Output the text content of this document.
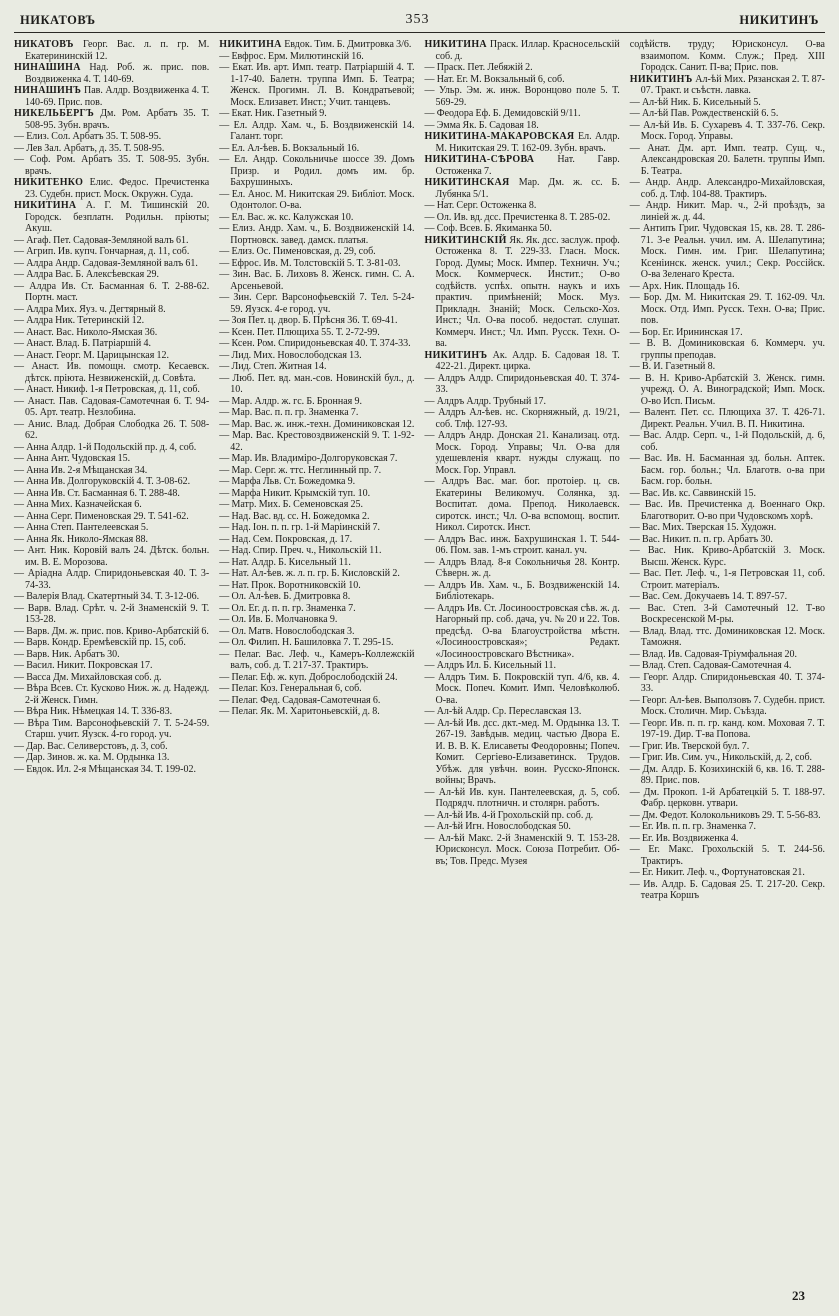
НИКАТОВЪ	353	НИКИТИНЪ

НИКАТОВЪ Георг. Вас. л. п. гр. М. Екатерининскій 12.

НИНАШИНА Над. Роб. ж. прис. пов. Воздвиженка 4. Т. 140-69.

НИНАШИНЪ Пав. Алдр. Воздвиженка 4. Т. 140-69. Прис. пов.

НИКЕЛЬБЕРГЪ Дм. Ром. Арбатъ 35. Т. 508-95. Зубн. врачъ.

— Елиз. Сол. Арбатъ 35. Т. 508-95.

— Лев Зал. Арбатъ, д. 35. Т. 508-95.

— Соф. Ром. Арбатъ 35. Т. 508-95. Зубн. врачъ.

НИКИТЕНКО Елис. Федос. Пречистенка 23. Судебн. прист. Моск. Окружн. Суда.

НИКИТИНА А. Г. М. Тишинскій 20. Городск. безплатн. Родильн. пріюты; Акуш.

— Агаф. Пет. Садовая-Земляной валъ 61.

— Агрип. Ив. купч. Гончарная, д. 11, соб.

— Алдра Андр. Садовая-Земляной валъ 61.

— Алдра Вас. Б. Алексѣевская 29.

— Алдра Ив. Ст. Басманная 6. Т. 2-88-62. Портн. маст.

— Алдра Мих. Яуз. ч. Дегтярный 8.

— Алдра Ник. Тетеринскій 12.

— Анаст. Вас. Николо-Ямская 36.

— Анаст. Влад. Б. Патріаршій 4.

— Анаст. Георг. М. Царицынская 12.

— Анаст. Ив. помощн. смотр. Кесаевск. дѣтск. пріюта. Незвиженскій, д. Совѣта.

— Анаст. Никиф. 1-я Петровская, д. 11, соб.

— Анаст. Пав. Садовая-Самотечная 6. Т. 94-05. Арт. театр. Незлобина.

— Анис. Влад. Добрая Слободка 26. Т. 508-62.

— Анна Алдр. 1-й Подольскій пр. д. 4, соб.

— Анна Ант. Чудовская 15.

— Анна Ив. 2-я Мѣщанская 34.

— Анна Ив. Долгоруковскій 4. Т. 3-08-62.

— Анна Ив. Ст. Басманная 6. Т. 288-48.

— Анна Мих. Казначейская 6.

— Анна Серг. Пименовская 29. Т. 541-62.

— Анна Степ. Пантелеевская 5.

— Анна Як. Николо-Ямская 88.

— Ант. Ник. Коровій валъ 24. Дѣтск. больн. им. В. Е. Морозова.

— Аріадна Алдр. Спиридоньевская 40. Т. 3-74-33.

— Валерія Влад. Скатертный 34. Т. 3-12-06.

— Варв. Влад. Срѣт. ч. 2-й Знаменскій 9. Т. 153-28.

— Варв. Дм. ж. прис. пов. Криво-Арбатскій 6.

— Варв. Кондр. Еремѣевскій пр. 15, соб.

— Варв. Ник. Арбатъ 30.

— Васил. Никит. Покровская 17.

— Васса Дм. Михайловская соб. д.

— Вѣра Всев. Ст. Кусково Ниж. ж. д. Надежд. 2-й Женск. Гимн.

— Вѣра Ник. Нѣмецкая 14. Т. 336-83.

— Вѣра Тим. Варсонофьевскій 7. Т. 5-24-59. Старш. учит. Яузск. 4-го город. уч.

— Дар. Вас. Селиверстовъ, д. 3, соб.

— Дар. Зинов. ж. ка. М. Ордынка 13.

— Евдок. Ил. 2-я Мѣщанская 34. Т. 199-02.

НИКИТИНА Евдок. Тим. Б. Дмитровка 3/6.

— Евфрос. Ерм. Милютинскій 16.

— Екат. Ив. арт. Имп. театр. Патріаршій 4. Т. 1-17-40. Балетн. труппа Имп. Б. Театра; Женск. Прогимн. Л. В. Кондратьевой; Моск. Елизавет. Инст.; Учит. танцевъ.

— Екат. Ник. Газетный 9.

— Ел. Алдр. Хам. ч., Б. Воздвиженскій 14. Галант. торг.

— Ел. Ал-ѣев. Б. Вокзальный 16.

— Ел. Андр. Сокольничье шоссе 39. Домъ Призр. и Родил. домъ им. бр. Бахрушиныхъ.

— Ел. Анос. М. Никитская 29. Библіот. Моск. Одонтолог. О-ва.

— Ел. Вас. ж. кс. Калужская 10.

— Елиз. Андр. Хам. ч., Б. Воздвиженскій 14. Портновск. завед. дамск. платья.

— Елиз. Ос. Пименовская, д. 29, соб.

— Ефрос. Ив. М. Толстовскій 5. Т. 3-81-03.

— Зин. Вас. Б. Лиховъ 8. Женск. гимн. С. А. Арсеньевой.

— Зин. Серг. Варсонофьевскій 7. Тел. 5-24-59. Яузск. 4-е город. уч.

— Зоя Пет. ц. двор. Б. Прѣсня 36. Т. 69-41.

— Ксен. Пет. Плющиха 55. Т. 2-72-99.

— Ксен. Ром. Спиридоньевская 40. Т. 374-33.

— Лид. Мих. Новослободская 13.

— Лид. Степ. Житная 14.

— Люб. Пет. вд. ман.-сов. Новинскій бул., д. 10.

— Мар. Алдр. ж. гс. Б. Бронная 9.

— Мар. Вас. п. п. гр. Знаменка 7.

— Мар. Вас. ж. инж.-техн. Доминиковская 12.

— Мар. Вас. Крестовоздвиженскій 9. Т. 1-92-42.

— Мар. Ив. Владиміро-Долгоруковская 7.

— Мар. Серг. ж. ттс. Неглинный пр. 7.

— Марфа Льв. Ст. Божедомка 9.

— Марфа Никит. Крымскій туп. 10.

— Матр. Мих. Б. Семеновская 25.

— Над. Вас. вд. сс. Н. Божедомка 2.

— Над. Іон. п. п. гр. 1-й Маріинскій 7.

— Над. Сем. Покровская, д. 17.

— Над. Спир. Преч. ч., Никольскій 11.

— Нат. Алдр. Б. Кисельный 11.

— Нат. Ал-ѣев. ж. л. п. гр. Б. Кисловскій 2.

— Нат. Прок. Воротниковскій 10.

— Ол. Ал-ѣев. Б. Дмитровка 8.

— Ол. Ег. д. п. п. гр. Знаменка 7.

— Ол. Ив. Б. Молчановка 9.

— Ол. Матв. Новослободская 3.

— Ол. Филип. Н. Башиловка 7. Т. 295-15.

— Пелаг. Вас. Леф. ч., Камеръ-Коллежскій валъ, соб. д. Т. 217-37. Трактиръ.

— Пелаг. Еф. ж. куп. Доброслободскій 24.

— Пелаг. Коз. Генеральная 6, соб.

— Пелаг. Фед. Садовая-Самотечная 6.

— Пелаг. Як. М. Харитоньевскій, д. 8.

НИКИТИНА Праск. Иллар. Красносельскій соб. д.

— Праск. Пет. Лебяжій 2.

— Нат. Ег. М. Вокзальный 6, соб.

— Ульр. Эм. ж. инж. Воронцово поле 5. Т. 569-29.

— Феодора Еф. Б. Демидовскій 9/11.

— Эмма Як. Б. Садовая 18.

НИКИТИНА-МАКАРОВСКАЯ Ел. Алдр. М. Никитская 29. Т. 162-09. Зубн. врачъ.

НИКИТИНА-СѢРОВА Нат. Гавр. Остоженка 7.

НИКИТИНСКАЯ Мар. Дм. ж. сс. Б. Лубянка 5/1.

— Нат. Серг. Остоженка 8.

— Ол. Ив. вд. дсс. Пречистенка 8. Т. 285-02.

— Соф. Всев. Б. Якиманка 50.

НИКИТИНСКІЙ Як. Як. дсс. заслуж. проф. Остоженка 8. Т. 229-33. Гласн. Моск. Город. Думы; Моск. Импер. Техничн. Уч.; Моск. Коммерческ. Инстит.; О-во содѣйств. успѣх. опытн. наукъ и ихъ практич. примѣненій; Моск. Муз. Прикладн. Знаній; Моск. Сельско-Хоз. Инст.; Чл. О-ва пособ. недостат. слушат. Коммерч. Инст.; Чл. Имп. Русск. Техн. О-ва.

НИКИТИНЪ Ак. Алдр. Б. Садовая 18. Т. 422-21. Директ. цирка.

— Алдръ Алдр. Спиридоньевская 40. Т. 374-33.

— Алдръ Алдр. Трубный 17.

— Алдръ Ал-ѣев. нс. Скорняжный, д. 19/21, соб. Тлф. 127-93.

— Алдръ Андр. Донская 21. Канализац. отд. Моск. Город. Управы; Чл. О-ва для удешевленія кварт. нужды служащ. по Моск. Гор. Управл.

— Алдръ Вас. маг. бог. протоіер. ц. св. Екатерины Великомуч. Солянка, зд. Воспитат. дома. Препод. Николаевск. сиротск. инст.; Чл. О-ва вспомощ. воспит. Никол. Сиротск. Инст.

— Алдръ Вас. инж. Бахрушинская 1. Т. 544-06. Пом. зав. 1-мъ строит. канал. уч.

— Алдръ Влад. 8-я Сокольничья 28. Контр. Сѣверн. ж. д.

— Алдръ Ив. Хам. ч., Б. Воздвиженскій 14. Библіотекарь.

— Алдръ Ив. Ст. Лосиноостровская сѣв. ж. д. Нагорный пр. соб. дача, уч. № 20 и 22. Тов. предсѣд. О-ва Благоустройства мѣстн. «Лосиноостровская»; Редакт. «Лосиноостровскаго Вѣстника».

— Алдръ Ил. Б. Кисельный 11.

— Алдръ Тим. Б. Покровскій туп. 4/6, кв. 4. Моск. Попеч. Комит. Имп. Человѣколюб. О-ва.

— Ал-ѣй Алдр. Ср. Переславская 13.

— Ал-ѣй Ив. дсс. дкт.-мед. М. Ордынка 13. Т. 267-19. Завѣдыв. медиц. частью Двора Е. И. В. В. К. Елисаветы Феодоровны; Попеч. Комит. Сергіево-Елизаветинск. Трудов. Убѣж. для увѣчн. воин. Русско-Японск. войны; Врачъ.

— Ал-ѣй Ив. кун. Пантелеевская, д. 5, соб. Подрядч. плотничн. и столярн. работъ.

— Ал-ѣй Ив. 4-й Грохольскій пр. соб. д.

— Ал-ѣй Игн. Новослободская 50.

— Ал-ѣй Макс. 2-й Знаменскій 9. Т. 153-28. Юрисконсул. Моск. Союза Потребит. Об-въ; Тов. Предс. Музея

содѣйств. труду; Юрисконсул. О-ва взаимопом. Комм. Служ.; Пред. XIII Городск. Санит. П-ва; Прис. пов.

НИКИТИНЪ Ал-ѣй Мих. Рязанская 2. Т. 87-07. Тракт. и съѣстн. лавка.

— Ал-ѣй Ник. Б. Кисельный 5.

— Ал-ѣй Пав. Рождественскій 6. 5.

— Ал-ѣй Ив. Б. Сухаревъ 4. Т. 337-76. Секр. Моск. Город. Управы.

— Анат. Дм. арт. Имп. театр. Сущ. ч., Александровская 20. Балетн. труппы Имп. Б. Театра.

— Андр. Андр. Александро-Михайловская, соб. д. Тлф. 104-88. Трактиръ.

— Андр. Никит. Мар. ч., 2-й проѣздъ, за линіей ж. д. 44.

— Антипъ Григ. Чудовская 15, кв. 28. Т. 286-71. 3-е Реальн. учил. им. А. Шелапутина; Моск. Гимн. им. Григ. Шелапутина; Ксеніинск. женск. учил.; Секр. Россійск. О-ва Зеленаго Креста.

— Арх. Ник. Площадь 16.

— Бор. Дм. М. Никитская 29. Т. 162-09. Чл. Моск. Отд. Имп. Русск. Техн. О-ва; Прис. пов.

— Бор. Ег. Ирининская 17.

— В. В. Доминиковская 6. Коммерч. уч. группы преподав.

— В. И. Газетный 8.

— В. Н. Криво-Арбатскій 3. Женск. гимн. учрежд. О. А. Виноградской; Имп. Моск. О-во Исп. Письм.

— Валент. Пет. сс. Плющиха 37. Т. 426-71. Директ. Реальн. Учил. В. П. Никитина.

— Вас. Алдр. Серп. ч., 1-й Подольскій, д. 6, соб.

— Вас. Ив. Н. Басманная зд. больн. Аптек. Басм. гор. больн.; Чл. Благотв. о-ва при Басм. гор. больн.

— Вас. Ив. кс. Саввинскій 15.

— Вас. Ив. Пречистенка д. Военнаго Окр. Благотворит. О-во при Чудовскомъ хорѣ.

— Вас. Мих. Тверская 15. Художн.

— Вас. Никит. п. п. гр. Арбатъ 30.

— Вас. Ник. Криво-Арбатскій 3. Моск. Высш. Женск. Курс.

— Вас. Пет. Леф. ч., 1-я Петровская 11, соб. Строит. матеріалъ.

— Вас. Сем. Докучаевъ 14. Т. 897-57.

— Вас. Степ. 3-й Самотечный 12. Т-во Воскресенской М-ры.

— Влад. Влад. ттс. Доминиковская 12. Моск. Таможня.

— Влад. Ив. Садовая-Тріумфальная 20.

— Влад. Степ. Садовая-Самотечная 4.

— Георг. Алдр. Спиридоньевская 40. Т. 374-33.

— Георг. Ал-ѣев. Выползовъ 7. Судебн. прист. Моск. Столичн. Мир. Съѣзда.

— Георг. Ив. п. п. гр. канд. ком. Моховая 7. Т. 197-19. Дир. Т-ва Попова.

— Григ. Ив. Тверской бул. 7.

— Григ. Ив. Сим. уч., Никольскій, д. 2, соб.

— Дм. Алдр. Б. Козихинскій 6, кв. 16. Т. 288-89. Прис. пов.

— Дм. Прокоп. 1-й Арбатецкій 5. Т. 188-97. Фабр. церковн. утвари.

— Дм. Федот. Колокольниковъ 29. Т. 5-56-83.

— Ег. Ив. п. п. гр. Знаменка 7.

— Ег. Ив. Воздвиженка 4.

— Ег. Макс. Грохольскій 5. Т. 244-56. Трактиръ.

— Ег. Никит. Леф. ч., Фортунатовская 21.

— Ив. Алдр. Б. Садовая 25. Т. 217-20. Секр. театра Коршъ

23
